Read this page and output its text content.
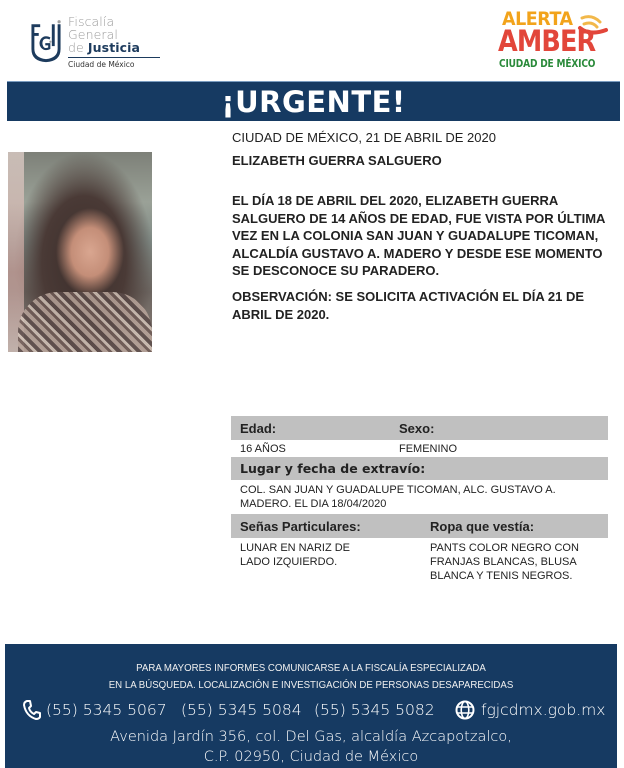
Fiscalía
General
de Justicia
Ciudad de México
ALERTA
AMBER
CIUDAD DE MÉXICO
¡URGENTE!
CIUDAD DE MÉXICO, 21 DE ABRIL DE 2020
ELIZABETH GUERRA SALGUERO
EL DÍA 18 DE ABRIL DEL 2020, ELIZABETH GUERRA SALGUERO DE 14 AÑOS DE EDAD, FUE VISTA POR ÚLTIMA VEZ EN LA COLONIA SAN JUAN Y GUADALUPE TICOMAN, ALCALDÍA GUSTAVO A. MADERO Y DESDE ESE MOMENTO SE DESCONOCE SU PARADERO.
OBSERVACIÓN: SE SOLICITA ACTIVACIÓN EL DÍA 21 DE ABRIL DE 2020.
Edad:	Sexo:
16 AÑOS	FEMENINO
Lugar y fecha de extravío:
COL. SAN JUAN Y GUADALUPE TICOMAN, ALC. GUSTAVO A. MADERO. EL DIA 18/04/2020
Señas Particulares:	Ropa que vestía:
LUNAR EN NARIZ DE LADO IZQUIERDO.
PANTS COLOR NEGRO CON FRANJAS BLANCAS, BLUSA BLANCA Y TENIS NEGROS.
PARA MAYORES INFORMES COMUNICARSE A LA FISCALÍA ESPECIALIZADA
EN LA BÚSQUEDA. LOCALIZACIÓN E INVESTIGACIÓN DE PERSONAS DESAPARECIDAS
(55) 5345 5067 (55) 5345 5084 (55) 5345 5082	fgjcdmx.gob.mx
Avenida Jardín 356, col. Del Gas, alcaldía Azcapotzalco,
C.P. 02950, Ciudad de México
